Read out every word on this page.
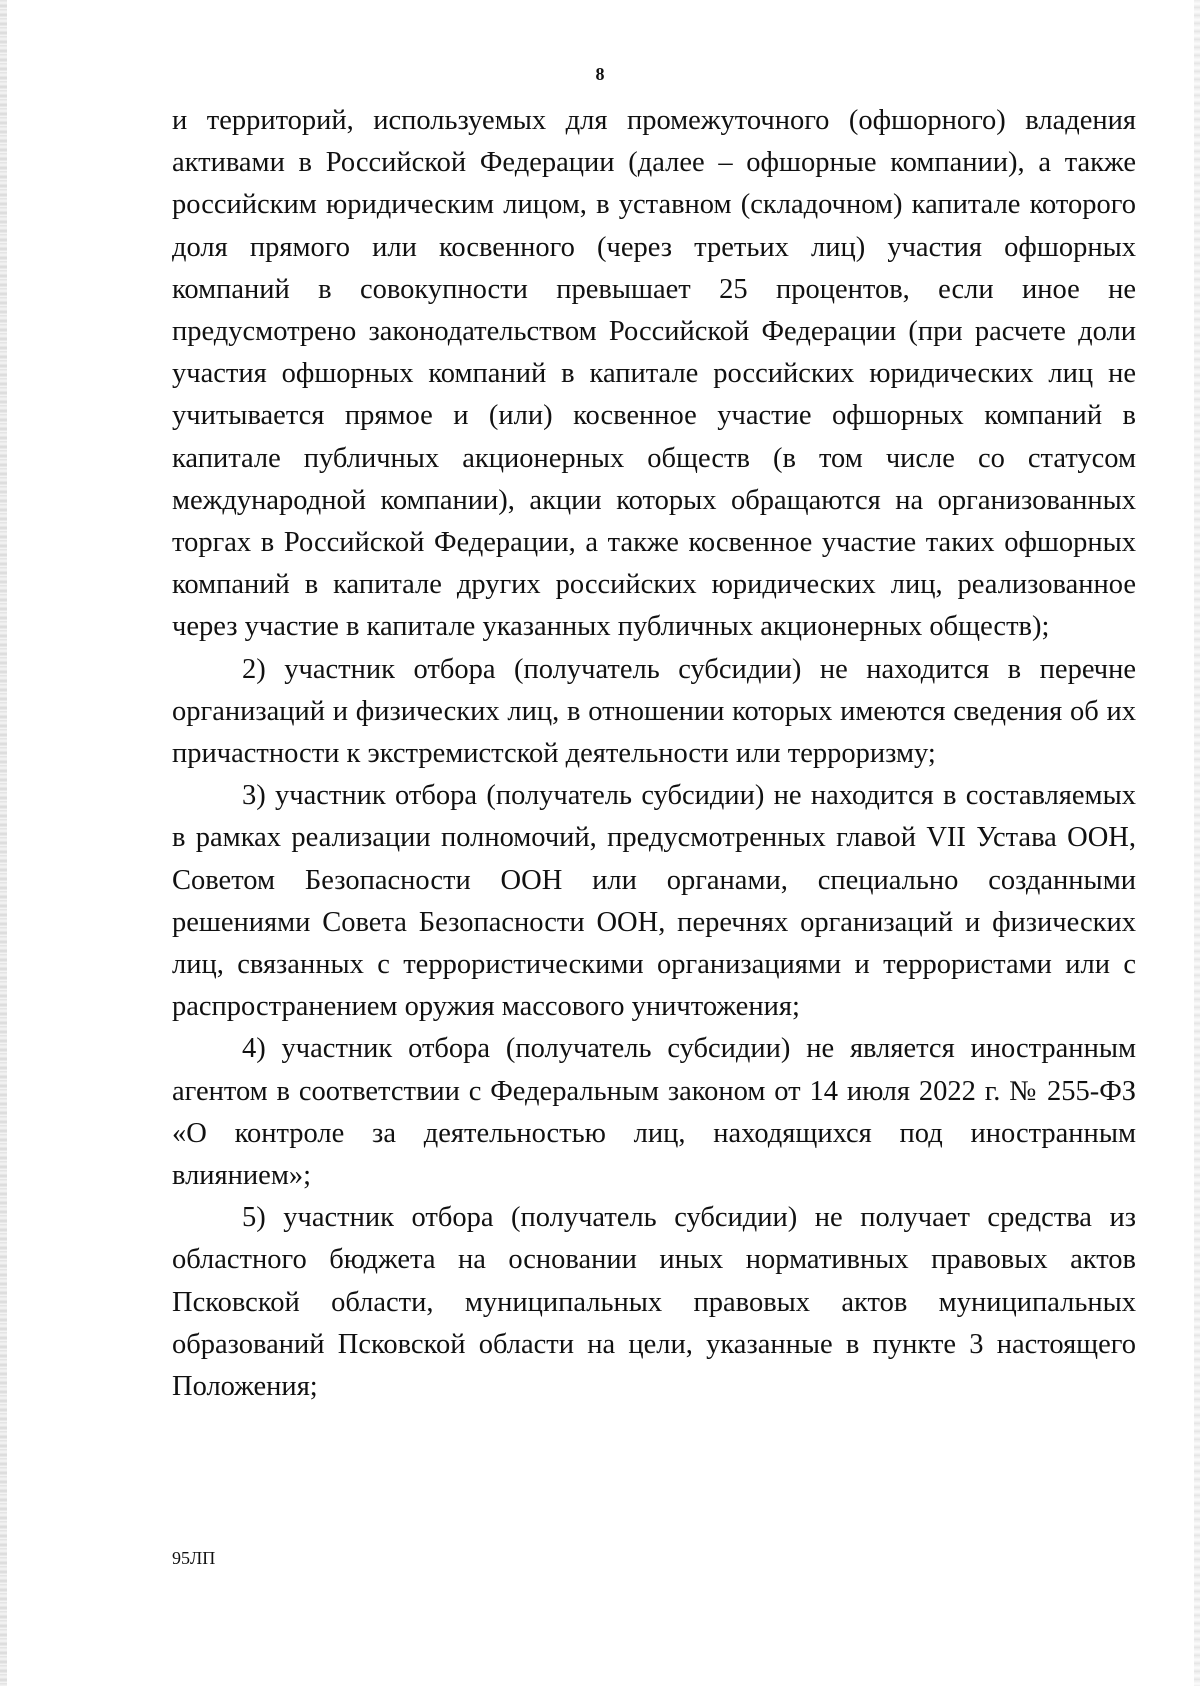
8

и территорий, используемых для промежуточного (офшорного) владения активами в Российской Федерации (далее – офшорные компании), а также российским юридическим лицом, в уставном (складочном) капитале которого доля прямого или косвенного (через третьих лиц) участия офшорных компаний в совокупности превышает 25 процентов, если иное не предусмотрено законодательством Российской Федерации (при расчете доли участия офшорных компаний в капитале российских юридических лиц не учитывается прямое и (или) косвенное участие офшорных компаний в капитале публичных акционерных обществ (в том числе со статусом международной компании), акции которых обращаются на организованных торгах в Российской Федерации, а также косвенное участие таких офшорных компаний в капитале других российских юридических лиц, реализованное через участие в капитале указанных публичных акционерных обществ);

2) участник отбора (получатель субсидии) не находится в перечне организаций и физических лиц, в отношении которых имеются сведения об их причастности к экстремистской деятельности или терроризму;

3) участник отбора (получатель субсидии) не находится в составляемых в рамках реализации полномочий, предусмотренных главой VII Устава ООН, Советом Безопасности ООН или органами, специально созданными решениями Совета Безопасности ООН, перечнях организаций и физических лиц, связанных с террористическими организациями и террористами или с распространением оружия массового уничтожения;

4) участник отбора (получатель субсидии) не является иностранным агентом в соответствии с Федеральным законом от 14 июля 2022 г. № 255-ФЗ «О контроле за деятельностью лиц, находящихся под иностранным влиянием»;

5) участник отбора (получатель субсидии) не получает средства из областного бюджета на основании иных нормативных правовых актов Псковской области, муниципальных правовых актов муниципальных образований Псковской области на цели, указанные в пункте 3 настоящего Положения;

95ЛП
